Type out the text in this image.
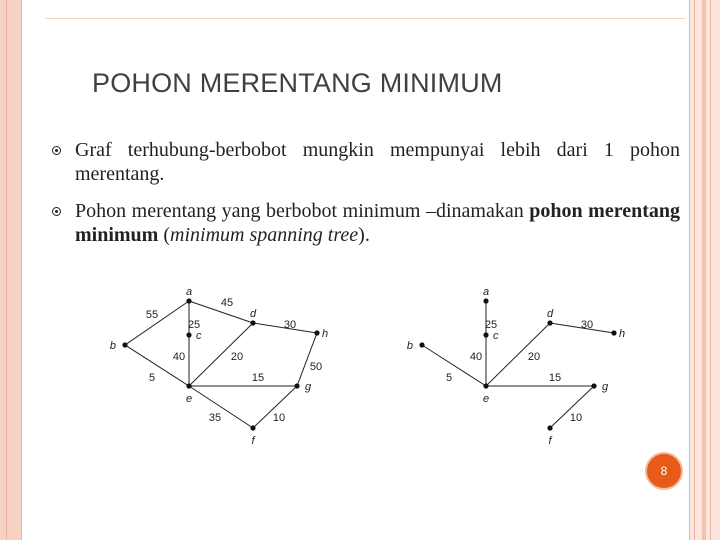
POHON MERENTANG MINIMUM
Graf terhubung-berbobot mungkin mempunyai lebih dari 1 pohon merentang.
Pohon merentang yang berbobot minimum –dinamakan pohon merentang minimum (minimum spanning tree).
55
45
25	30
40
5
20
50
15
35	10
a
b
c
d
e
f
g
h
25	30
40
5
20
15
10
a
b
c
d
e
f
g
h
8
